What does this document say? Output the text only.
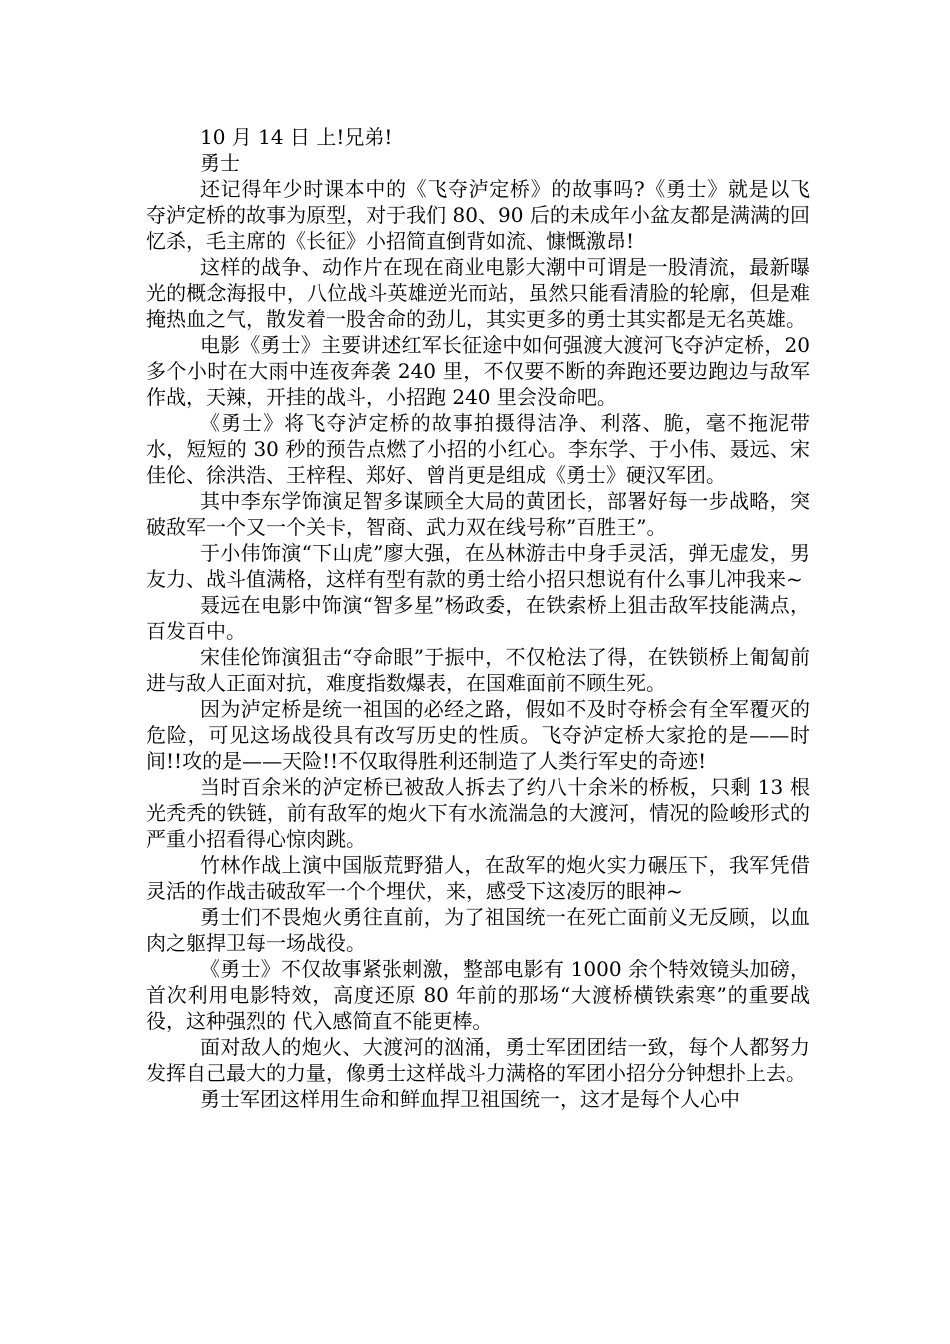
10 月 14 日 上!兄弟!

勇士

还记得年少时课本中的《飞夺泸定桥》的故事吗?《勇士》就是以飞夺泸定桥的故事为原型，对于我们 80、90 后的未成年小盆友都是满满的回忆杀，毛主席的《长征》小招简直倒背如流、慷慨激昂!

这样的战争、动作片在现在商业电影大潮中可谓是一股清流，最新曝光的概念海报中，八位战斗英雄逆光而站，虽然只能看清脸的轮廓，但是难掩热血之气，散发着一股舍命的劲儿，其实更多的勇士其实都是无名英雄。

电影《勇士》主要讲述红军长征途中如何强渡大渡河飞夺泸定桥，20 多个小时在大雨中连夜奔袭 240 里，不仅要不断的奔跑还要边跑边与敌军作战，天辣，开挂的战斗，小招跑 240 里会没命吧。

《勇士》将飞夺泸定桥的故事拍摄得洁净、利落、脆，毫不拖泥带水，短短的 30 秒的预告点燃了小招的小红心。李东学、于小伟、聂远、宋佳伦、徐洪浩、王梓程、郑好、曾肖更是组成《勇士》硬汉军团。

其中李东学饰演足智多谋顾全大局的黄团长，部署好每一步战略，突破敌军一个又一个关卡，智商、武力双在线号称”百胜王”。

于小伟饰演“下山虎”廖大强，在丛林游击中身手灵活，弹无虚发，男友力、战斗值满格，这样有型有款的勇士给小招只想说有什么事儿冲我来~

聂远在电影中饰演“智多星”杨政委，在铁索桥上狙击敌军技能满点，百发百中。

宋佳伦饰演狙击“夺命眼”于振中，不仅枪法了得，在铁锁桥上匍匐前进与敌人正面对抗，难度指数爆表，在国难面前不顾生死。

因为泸定桥是统一祖国的必经之路，假如不及时夺桥会有全军覆灭的危险，可见这场战役具有改写历史的性质。飞夺泸定桥大家抢的是——时间!!攻的是——天险!!不仅取得胜利还制造了人类行军史的奇迹!

当时百余米的泸定桥已被敌人拆去了约八十余米的桥板，只剩 13 根光秃秃的铁链，前有敌军的炮火下有水流湍急的大渡河，情况的险峻形式的严重小招看得心惊肉跳。

竹林作战上演中国版荒野猎人，在敌军的炮火实力碾压下，我军凭借灵活的作战击破敌军一个个埋伏，来，感受下这凌厉的眼神~

勇士们不畏炮火勇往直前，为了祖国统一在死亡面前义无反顾，以血肉之躯捍卫每一场战役。

《勇士》不仅故事紧张刺激，整部电影有 1000 余个特效镜头加磅，首次利用电影特效，高度还原 80 年前的那场“大渡桥横铁索寒”的重要战役，这种强烈的 代入感简直不能更棒。

面对敌人的炮火、大渡河的汹涌，勇士军团团结一致，每个人都努力发挥自己最大的力量，像勇士这样战斗力满格的军团小招分分钟想扑上去。

勇士军团这样用生命和鲜血捍卫祖国统一，这才是每个人心中
